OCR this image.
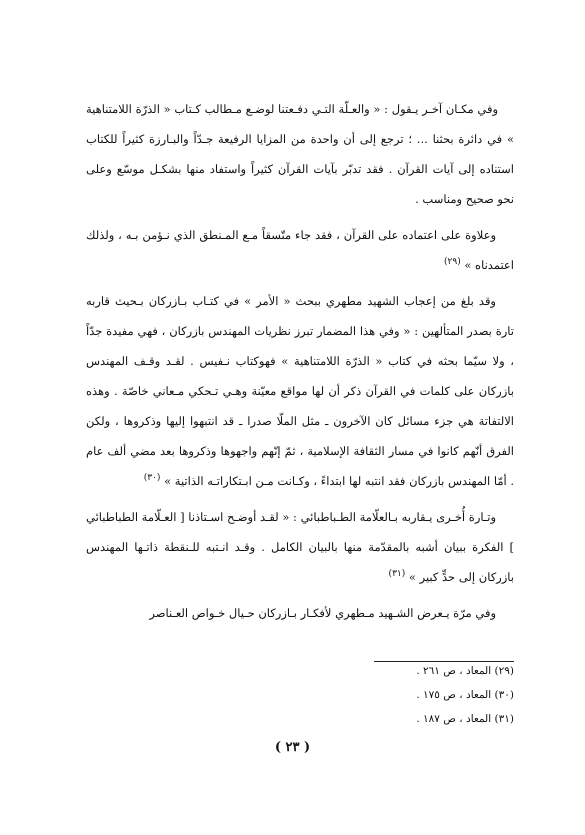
وفي مكـان آخـر يـقول : « والعـلّة التـي دفـعتنا لوضـع مـطالب كـتاب « الذرّة اللامتناهية » في دائرة بحثنا ... ؛ ترجع إلى أن واحدة من المزايا الرفيعة جـدّاً والبـارزة كثيراً للكتاب استناده إلى آيات القرآن . فقد تدبّر بآيات القرآن كثيراً واستفاد منها بشكـل موسّع وعلى نحو صحيح ومناسب .

وعلاوة على اعتماده على القرآن ، فقد جاء متّسقاً مـع المـنطق الذي نـؤمن بـه ، ولذلك اعتمدناه » $^{(٢٩)}$

وقد بلغ من إعجاب الشهيد مطهري ببحث « الأمر » في كتـاب بـازركان بـحيث قاربه تارة بصدر المتألهين : « وفي هذا المضمار تبرز نظريات المهندس بازركان ، فهي مفيدة جدّاً ، ولا سيّما بحثه في كتاب « الذرّة اللامتناهية » فهوكتاب نـفيس . لقـد وقـف المهندس بازركان على كلمات في القرآن ذكر أن لها مواقع معيّنة وهـي تـحكي مـعاني خاصّة . وهذه الالتفاتة هي جزء مسائل كان الآخرون ـ مثل الملّا صدرا ـ قد انتبهوا إليها وذكروها ، ولكن الفرق أنّهم كانوا في مسار الثقافة الإسلامية ، ثمّ إنّهم واجهوها وذكروها بعد مضي ألف عام . أمّا المهندس بازركان فقد انتبه لها ابتداءً ، وكـانت مـن ابـتكاراتـه الذاتية » $^{(٣٠)}$

وتـارة أُخـرى يـقاربه بـالعلّامة الطـباطبائي : « لقـد أوضـح اسـتاذنا [ العـلّامة الطباطبائي ] الفكرة ببيان أشبه بالمقدّمة منها بالبيان الكامل . وقـد انـتبه للـنقطة ذاتـها المهندس بازركان إلى حدٍّ كبير » $^{(٣١)}$

وفي مرّة يـعرض الشـهيد مـطهري لأفكـار بـازركان حـيال خـواص العـناصر

(٢٩) المعاد ، ص ٢٦١ .

(٣٠) المعاد ، ص ١٧٥ .

(٣١) المعاد ، ص ١٨٧ .

( ٢٣ )
